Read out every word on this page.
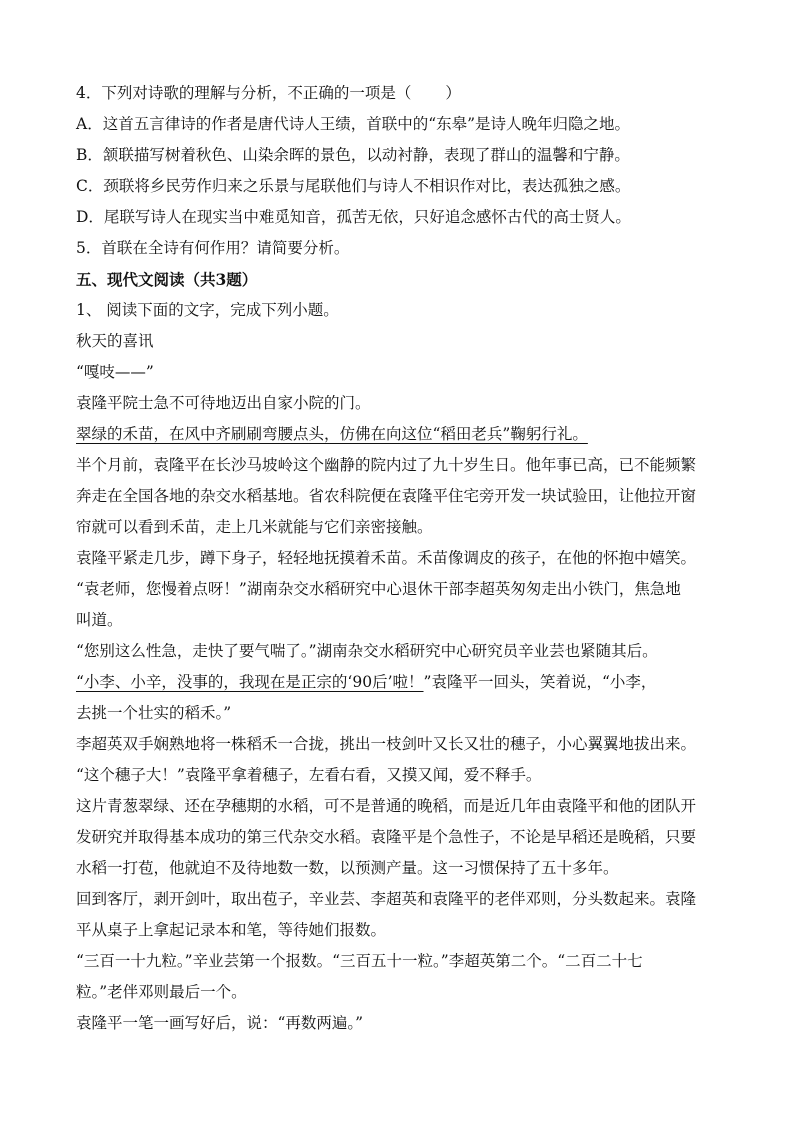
4．下列对诗歌的理解与分析，不正确的一项是（ ）
A．这首五言律诗的作者是唐代诗人王绩，首联中的“东皋”是诗人晚年归隐之地。
B．颔联描写树着秋色、山染余晖的景色，以动衬静，表现了群山的温馨和宁静。
C．颈联将乡民劳作归来之乐景与尾联他们与诗人不相识作对比，表达孤独之感。
D．尾联写诗人在现实当中难觅知音，孤苦无依，只好追念感怀古代的高士贤人。
5．首联在全诗有何作用？请简要分析。
五、现代文阅读（共3题）
1、 阅读下面的文字，完成下列小题。
秋天的喜讯
“嘎吱——”
袁隆平院士急不可待地迈出自家小院的门。
翠绿的禾苗，在风中齐刷刷弯腰点头，仿佛在向这位“稻田老兵”鞠躬行礼。
半个月前，袁隆平在长沙马坡岭这个幽静的院内过了九十岁生日。他年事已高，已不能频繁
奔走在全国各地的杂交水稻基地。省农科院便在袁隆平住宅旁开发一块试验田，让他拉开窗
帘就可以看到禾苗，走上几米就能与它们亲密接触。
袁隆平紧走几步，蹲下身子，轻轻地抚摸着禾苗。禾苗像调皮的孩子，在他的怀抱中嬉笑。
“袁老师，您慢着点呀！”湖南杂交水稻研究中心退休干部李超英匆匆走出小铁门，焦急地
叫道。
“您别这么性急，走快了要气喘了。”湖南杂交水稻研究中心研究员辛业芸也紧随其后。
“小李、小辛，没事的，我现在是正宗的‘90后’啦！”袁隆平一回头，笑着说，“小李，
去挑一个壮实的稻禾。”
李超英双手娴熟地将一株稻禾一合拢，挑出一枝剑叶又长又壮的穗子，小心翼翼地拔出来。
“这个穗子大！”袁隆平拿着穗子，左看右看，又摸又闻，爱不释手。
这片青葱翠绿、还在孕穗期的水稻，可不是普通的晚稻，而是近几年由袁隆平和他的团队开
发研究并取得基本成功的第三代杂交水稻。袁隆平是个急性子，不论是早稻还是晚稻，只要
水稻一打苞，他就迫不及待地数一数，以预测产量。这一习惯保持了五十多年。
回到客厅，剥开剑叶，取出苞子，辛业芸、李超英和袁隆平的老伴邓则，分头数起来。袁隆
平从桌子上拿起记录本和笔，等待她们报数。
“三百一十九粒。”辛业芸第一个报数。“三百五十一粒。”李超英第二个。“二百二十七
粒。”老伴邓则最后一个。
袁隆平一笔一画写好后，说：“再数两遍。”
